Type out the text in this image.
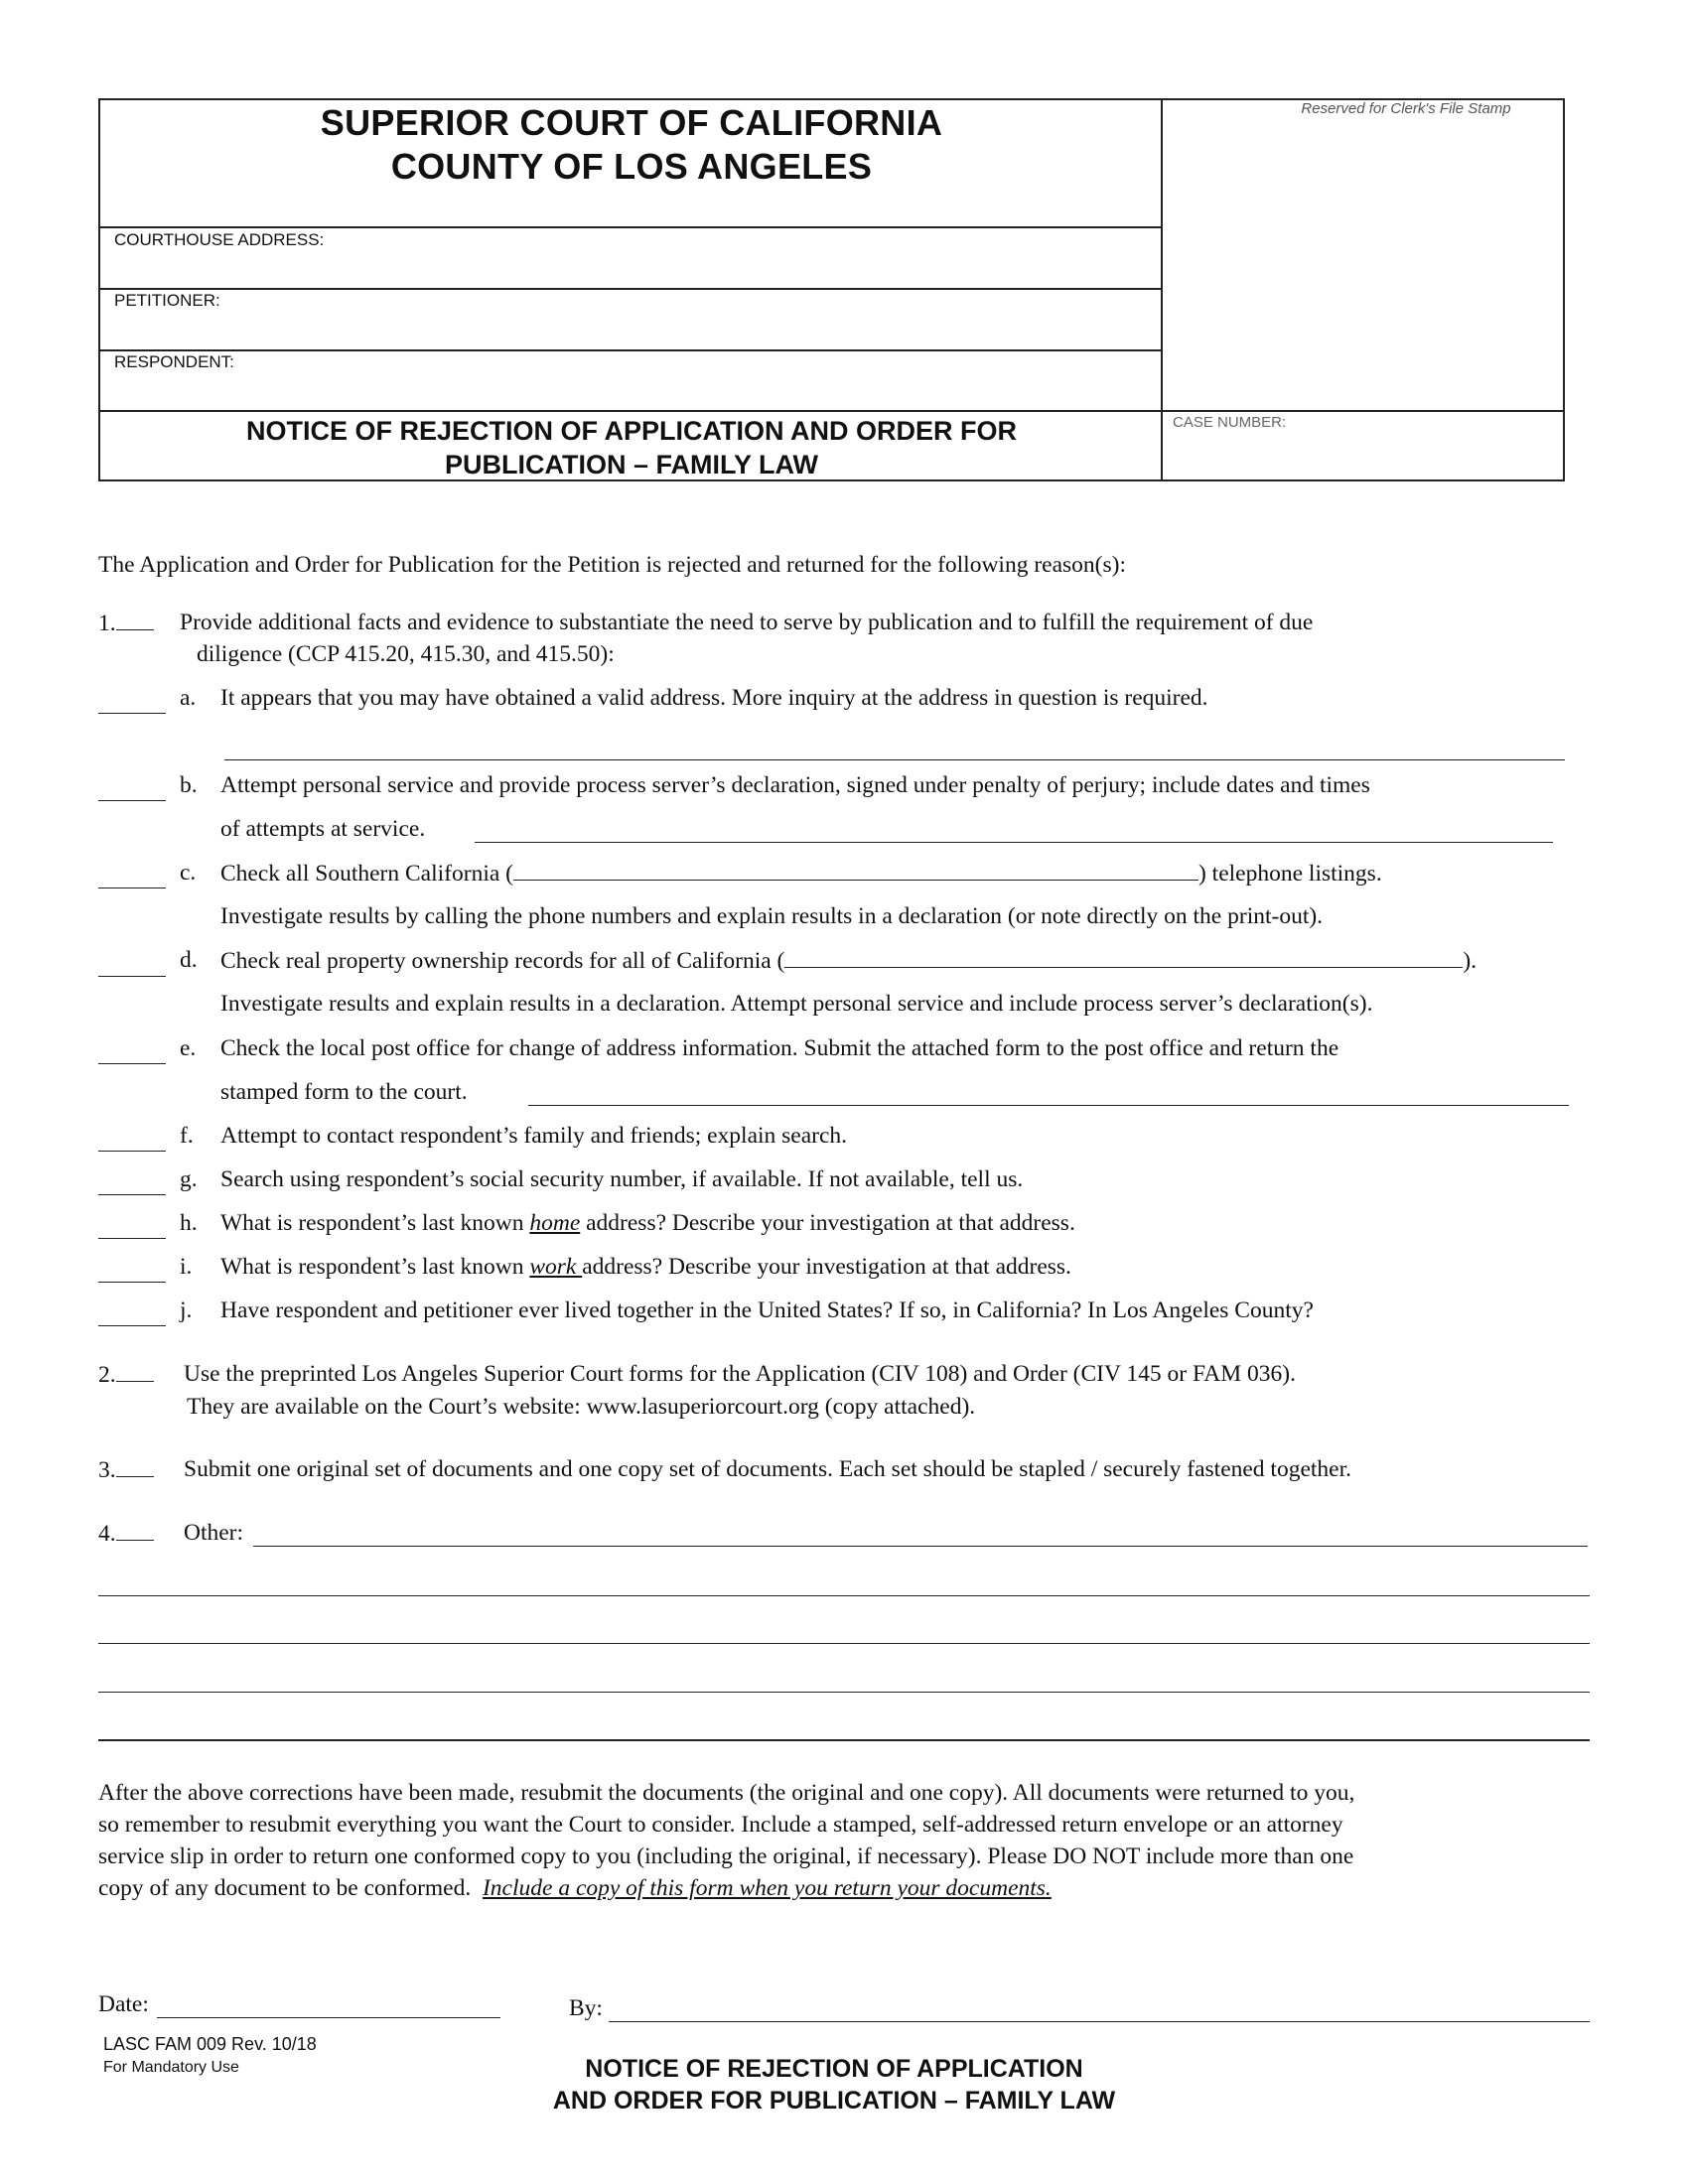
SUPERIOR COURT OF CALIFORNIA
COUNTY OF LOS ANGELES
Reserved for Clerk's File Stamp
COURTHOUSE ADDRESS:
PETITIONER:
RESPONDENT:
NOTICE OF REJECTION OF APPLICATION AND ORDER FOR
PUBLICATION – FAMILY LAW
CASE NUMBER:
The Application and Order for Publication for the Petition is rejected and returned for the following reason(s):
1.	Provide additional facts and evidence to substantiate the need to serve by publication and to fulfill the requirement of due
diligence (CCP 415.20, 415.30, and 415.50):
a. It appears that you may have obtained a valid address. More inquiry at the address in question is required.
b. Attempt personal service and provide process server’s declaration, signed under penalty of perjury; include dates and times
of attempts at service.
c. Check all Southern California (	) telephone listings.
Investigate results by calling the phone numbers and explain results in a declaration (or note directly on the print-out).
d. Check real property ownership records for all of California (	).
Investigate results and explain results in a declaration. Attempt personal service and include process server’s declaration(s).
e. Check the local post office for change of address information. Submit the attached form to the post office and return the
stamped form to the court.
f. Attempt to contact respondent’s family and friends; explain search.
g. Search using respondent’s social security number, if available. If not available, tell us.
h. What is respondent’s last known home address? Describe your investigation at that address.
i. What is respondent’s last known work address? Describe your investigation at that address.
j. Have respondent and petitioner ever lived together in the United States? If so, in California? In Los Angeles County?
2.	Use the preprinted Los Angeles Superior Court forms for the Application (CIV 108) and Order (CIV 145 or FAM 036).
They are available on the Court’s website: www.lasuperiorcourt.org (copy attached).
3.	Submit one original set of documents and one copy set of documents. Each set should be stapled / securely fastened together.
4.	Other:
After the above corrections have been made, resubmit the documents (the original and one copy). All documents were returned to you,
so remember to resubmit everything you want the Court to consider. Include a stamped, self-addressed return envelope or an attorney
service slip in order to return one conformed copy to you (including the original, if necessary). Please DO NOT include more than one
copy of any document to be conformed. Include a copy of this form when you return your documents.
Date:	By:
LASC FAM 009 Rev. 10/18
For Mandatory Use	NOTICE OF REJECTION OF APPLICATION
AND ORDER FOR PUBLICATION – FAMILY LAW
